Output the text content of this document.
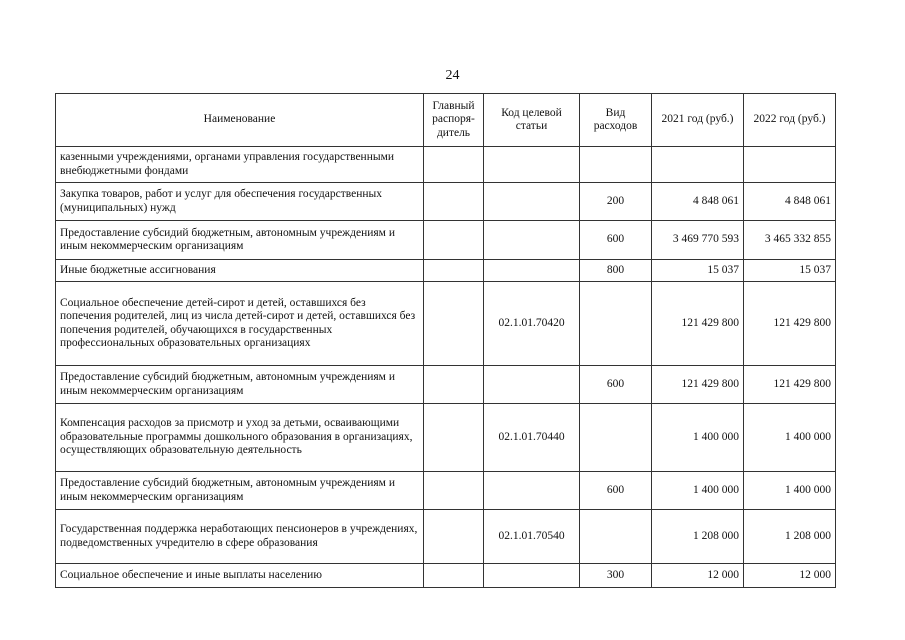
24
Наименование	Главный распоря-дитель	Код целевой статьи	Вид расходов	2021 год (руб.)	2022 год (руб.)
казенными учреждениями, органами управления государственными внебюджетными фондами					
Закупка товаров, работ и услуг для обеспечения государственных (муниципальных) нужд			200	4 848 061	4 848 061
Предоставление субсидий бюджетным, автономным учреждениям и иным некоммерческим организациям			600	3 469 770 593	3 465 332 855
Иные бюджетные ассигнования			800	15 037	15 037
Социальное обеспечение детей-сирот и детей, оставшихся без попечения родителей, лиц из числа детей-сирот и детей, оставшихся без попечения родителей, обучающихся в государственных профессиональных образовательных организациях		02.1.01.70420		121 429 800	121 429 800
Предоставление субсидий бюджетным, автономным учреждениям и иным некоммерческим организациям			600	121 429 800	121 429 800
Компенсация расходов за присмотр и уход за детьми, осваивающими образовательные программы дошкольного образования в организациях, осуществляющих образовательную деятельность		02.1.01.70440		1 400 000	1 400 000
Предоставление субсидий бюджетным, автономным учреждениям и иным некоммерческим организациям			600	1 400 000	1 400 000
Государственная поддержка неработающих пенсионеров в учреждениях, подведомственных учредителю в сфере образования		02.1.01.70540		1 208 000	1 208 000
Социальное обеспечение и иные выплаты населению			300	12 000	12 000
